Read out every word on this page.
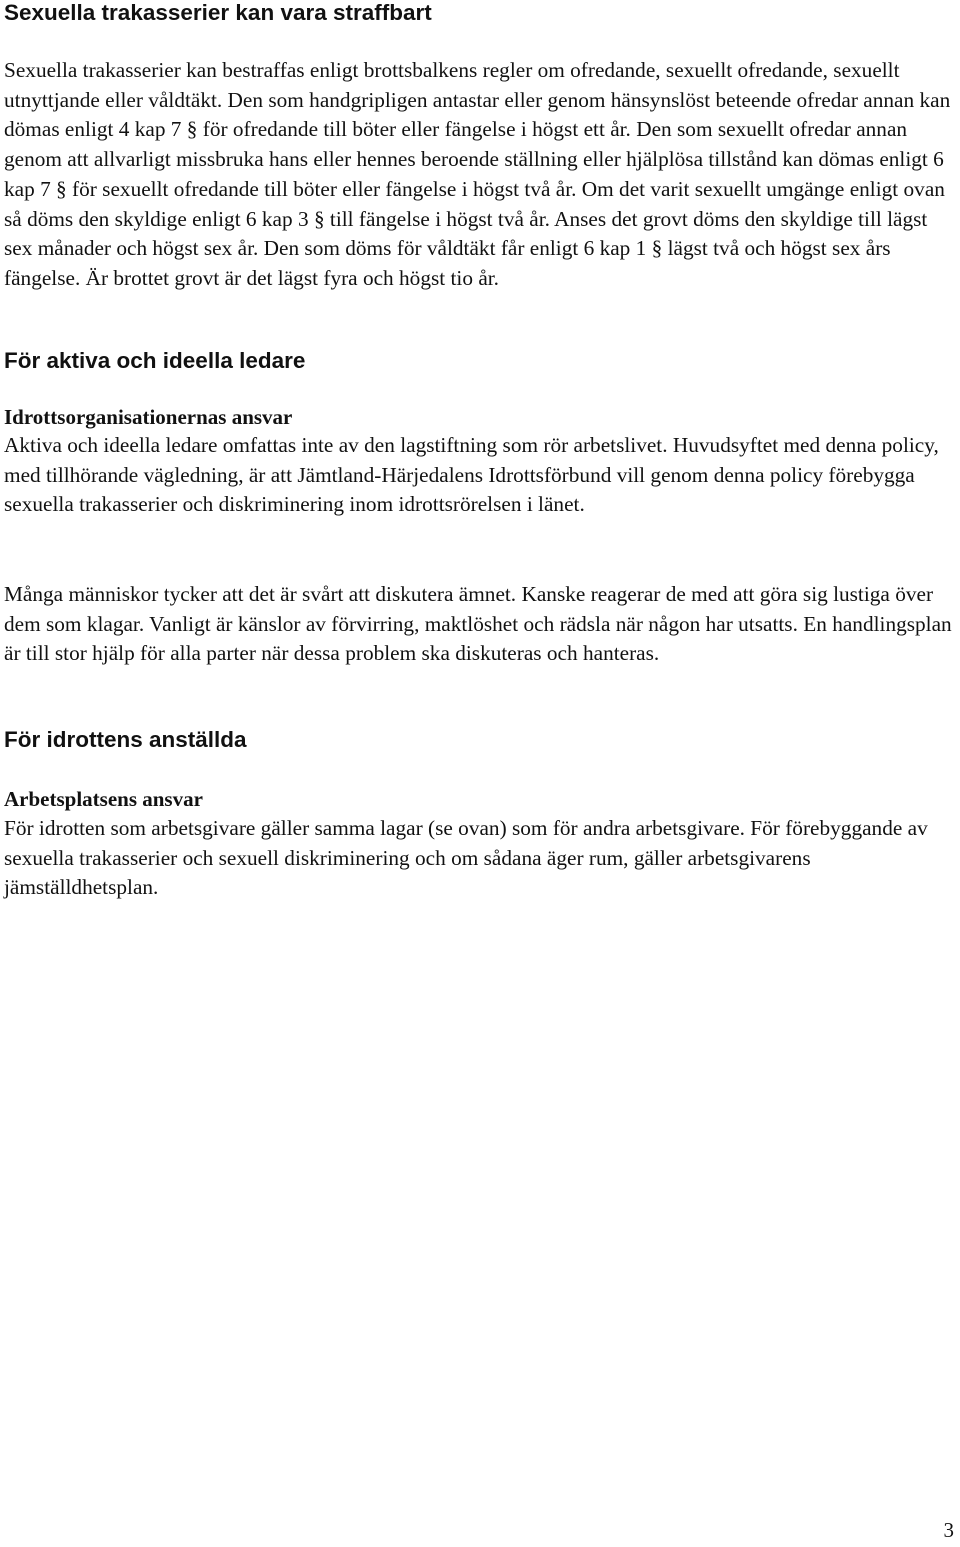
Sexuella trakasserier kan vara straffbart

Sexuella trakasserier kan bestraffas enligt brottsbalkens regler om ofredande, sexuellt ofredande, sexuellt utnyttjande eller våldtäkt. Den som handgripligen antastar eller genom hänsynslöst beteende ofredar annan kan dömas enligt 4 kap 7 § för ofredande till böter eller fängelse i högst ett år. Den som sexuellt ofredar annan genom att allvarligt missbruka hans eller hennes beroende ställning eller hjälplösa tillstånd kan dömas enligt 6 kap 7 § för sexuellt ofredande till böter eller fängelse i högst två år. Om det varit sexuellt umgänge enligt ovan så döms den skyldige enligt 6 kap 3 § till fängelse i högst två år. Anses det grovt döms den skyldige till lägst sex månader och högst sex år. Den som döms för våldtäkt får enligt 6 kap 1 § lägst två och högst sex års fängelse. Är brottet grovt är det lägst fyra och högst tio år.

För aktiva och ideella ledare
Idrottsorganisationernas ansvar

Aktiva och ideella ledare omfattas inte av den lagstiftning som rör arbetslivet. Huvudsyftet med denna policy, med tillhörande vägledning, är att Jämtland-Härjedalens Idrottsförbund vill genom denna policy förebygga sexuella trakasserier och diskriminering inom idrottsrörelsen i länet.

Många människor tycker att det är svårt att diskutera ämnet. Kanske reagerar de med att göra sig lustiga över dem som klagar. Vanligt är känslor av förvirring, maktlöshet och rädsla när någon har utsatts. En handlingsplan är till stor hjälp för alla parter när dessa problem ska diskuteras och hanteras.

För idrottens anställda
Arbetsplatsens ansvar

För idrotten som arbetsgivare gäller samma lagar (se ovan) som för andra arbetsgivare. För förebyggande av sexuella trakasserier och sexuell diskriminering och om sådana äger rum, gäller arbetsgivarens jämställdhetsplan.

3
